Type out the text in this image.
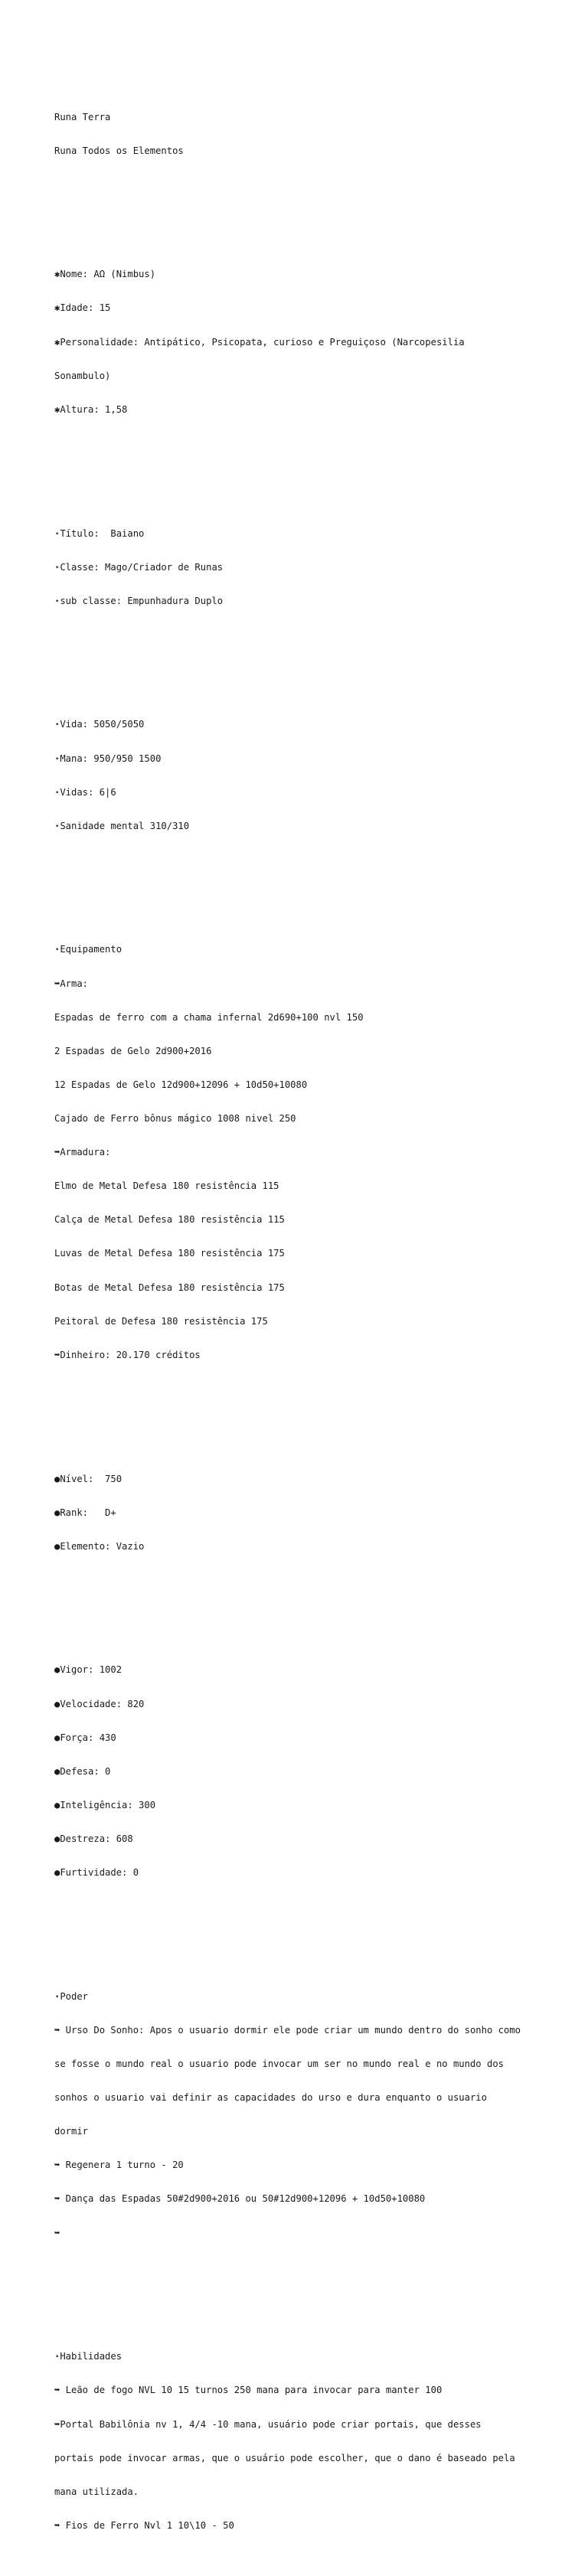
Runa Terra

Runa Todos os Elementos

✱Nome: AΩ (Nimbus)

✱Idade: 15

✱Personalidade: Antipático, Psicopata, curioso e Preguiçoso (Narcopesilia

Sonambulo)

✱Altura: 1,58

⋆Título:  Baiano

⋆Classe: Mago/Criador de Runas

⋆sub classe: Empunhadura Duplo

⋆Vida: 5050/5050

⋆Mana: 950/950 1500

⋆Vidas: 6|6

⋆Sanidade mental 310/310

⋆Equipamento

➥Arma:

Espadas de ferro com a chama infernal 2d690+100 nvl 150

2 Espadas de Gelo 2d900+2016

12 Espadas de Gelo 12d900+12096 + 10d50+10080

Cajado de Ferro bônus mágico 1008 nivel 250

➥Armadura:

Elmo de Metal Defesa 180 resistência 115

Calça de Metal Defesa 180 resistência 115

Luvas de Metal Defesa 180 resistência 175

Botas de Metal Defesa 180 resistência 175

Peitoral de Defesa 180 resistência 175

➥Dinheiro: 20.170 créditos

●Nível:  750

●Rank:   D+

●Elemento: Vazio

●Vigor: 1002

●Velocidade: 820

●Força: 430

●Defesa: 0

●Inteligência: 300

●Destreza: 608

●Furtividade: 0

⋆Poder

➥ Urso Do Sonho: Apos o usuario dormir ele pode criar um mundo dentro do sonho como

se fosse o mundo real o usuario pode invocar um ser no mundo real e no mundo dos

sonhos o usuario vai definir as capacidades do urso e dura enquanto o usuario

dormir

➥ Regenera 1 turno - 20

➥ Dança das Espadas 50#2d900+2016 ou 50#12d900+12096 + 10d50+10080

➥

⋆Habilidades

➥ Leão de fogo NVL 10 15 turnos 250 mana para invocar para manter 100

➥Portal Babilônia nv 1, 4/4 -10 mana, usuário pode criar portais, que desses

portais pode invocar armas, que o usuário pode escolher, que o dano é baseado pela

mana utilizada.

➥ Fios de Ferro Nvl 1 10\10 - 50
